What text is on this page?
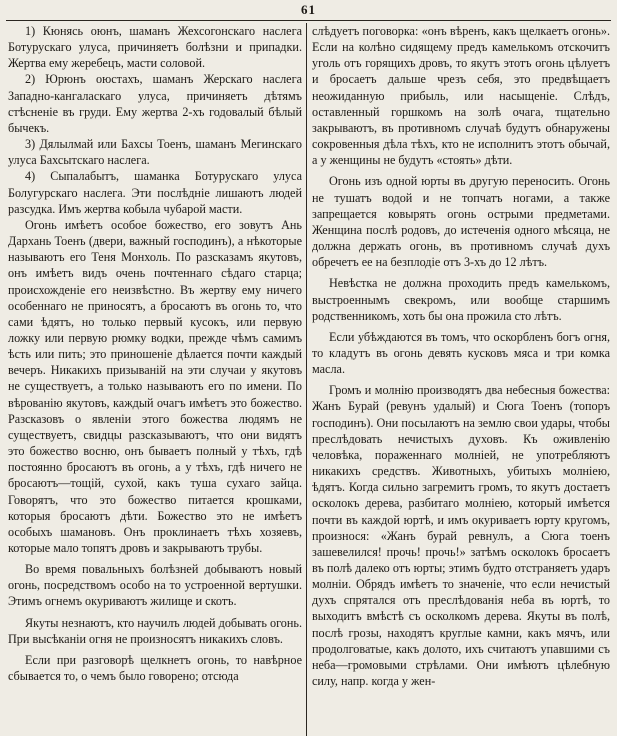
61

1) Кюнясь оюнъ, шаманъ Жехсогонскаго наслега Ботурускаго улуса, причиняетъ болѣзни и припадки. Жертва ему жеребецъ, масти соловой.

2) Юрюнъ оюстахъ, шаманъ Жерскаго наслега Западно-кангаласкаго улуса, причиняетъ дѣтямъ стѣсненіе въ груди. Ему жертва 2-хъ годовалый бѣлый бычекъ.

3) Дялылмай или Бахсы Тоенъ, шаманъ Мегинскаго улуса Бахсытскаго наслега.

4) Сыпалабытъ, шаманка Ботурускаго улуса Болугурскаго наслега. Эти послѣдніе лишаютъ людей разсудка. Имъ жертва кобыла чубарой масти.

Огонь имѣетъ особое божество, его зовутъ Ань Дархань Тоенъ (двери, важный господинъ), а нѣкоторые называютъ его Теня Монхоль. По разсказамъ якутовъ, онъ имѣетъ видъ очень почтеннаго сѣдаго старца; происхожденіе его неизвѣстно. Въ жертву ему ничего особеннаго не приносятъ, а бросаютъ въ огонь то, что сами ѣдятъ, но только первый кусокъ, или первую ложку или первую рюмку водки, прежде чѣмъ самимъ ѣсть или пить; это приношеніе дѣлается почти каждый вечеръ. Никакихъ призываній на эти случаи у якутовъ не существуетъ, а только называютъ его по имени. По вѣрованію якутовъ, каждый очагъ имѣетъ это божество. Разсказовъ о явленіи этого божества людямъ не существуетъ, свидцы разсказываютъ, что они видятъ это божество восню, онъ бываетъ полный у тѣхъ, гдѣ постоянно бросаютъ въ огонь, а у тѣхъ, гдѣ ничего не бросаютъ—тощій, сухой, какъ туша сухаго зайца. Говорятъ, что это божество питается крошками, которыя бросаютъ дѣти. Божество это не имѣетъ особыхъ шамановъ. Онъ проклинаетъ тѣхъ хозяевъ, которые мало топятъ дровъ и закрываютъ трубы.

Во время повальныхъ болѣзней добываютъ новый огонь, посредствомъ особо на то устроенной вертушки. Этимъ огнемъ окуриваютъ жилище и скотъ.

Якуты незнаютъ, кто научилъ людей добывать огонь. При высѣканіи огня не произносятъ никакихъ словъ.

Если при разговорѣ щелкнетъ огонь, то навѣрное сбывается то, о чемъ было говорено; отсюда

слѣдуетъ поговорка: «онъ вѣренъ, какъ щелкаетъ огонь». Если на колѣно сидящему предъ камелькомъ отскочитъ уголь отъ горящихъ дровъ, то якутъ этотъ огонь цѣлуетъ и бросаетъ дальше чрезъ себя, это предвѣщаетъ неожиданную прибыль, или насыщеніе. Слѣдъ, оставленный горшкомъ на золѣ очага, тщательно закрываютъ, въ противномъ случаѣ будутъ обнаружены сокровенныя дѣла тѣхъ, кто не исполнитъ этотъ обычай, а у женщины не будутъ «стоять» дѣти.

Огонь изъ одной юрты въ другую переносить. Огонь не тушатъ водой и не топчатъ ногами, а также запрещается ковырять огонь острыми предметами. Женщина послѣ родовъ, до истеченія одного мѣсяца, не должна держать огонь, въ противномъ случаѣ духъ обречетъ ее на безплодіе отъ 3-хъ до 12 лѣтъ.

Невѣстка не должна проходить предъ камелькомъ, выстроеннымъ свекромъ, или вообще старшимъ родственникомъ, хоть бы она прожила сто лѣтъ.

Если убѣждаются въ томъ, что оскорбленъ богъ огня, то кладутъ въ огонь девять кусковъ мяса и три комка масла.

Громъ и молнію производятъ два небесныя божества: Жанъ Бурай (ревунъ удалый) и Сюга Тоенъ (топоръ господинъ). Они посылаютъ на землю свои удары, чтобы преслѣдовать нечистыхъ духовъ. Къ оживленію человѣка, пораженнаго молніей, не употребляютъ никакихъ средствъ. Животныхъ, убитыхъ молніею, ѣдятъ. Когда сильно загремитъ громъ, то якутъ достаетъ осколокъ дерева, разбитаго молніею, который имѣется почти въ каждой юртѣ, и имъ окуриваетъ юрту кругомъ, произнося: «Жанъ бурай ревнулъ, а Сюга тоенъ зашевелился! прочь! прочь!» затѣмъ осколокъ бросаетъ въ полѣ далеко отъ юрты; этимъ будто отстраняетъ ударъ молніи. Обрядъ имѣетъ то значеніе, что если нечистый духъ спрятался отъ преслѣдованія неба въ юртѣ, то выходитъ вмѣстѣ съ осколкомъ дерева. Якуты въ полѣ, послѣ грозы, находятъ круглые камни, какъ мячъ, или продолговатые, какъ долото, ихъ считаютъ упавшими съ неба—громовыми стрѣлами. Они имѣютъ цѣлебную силу, напр. когда у жен-
